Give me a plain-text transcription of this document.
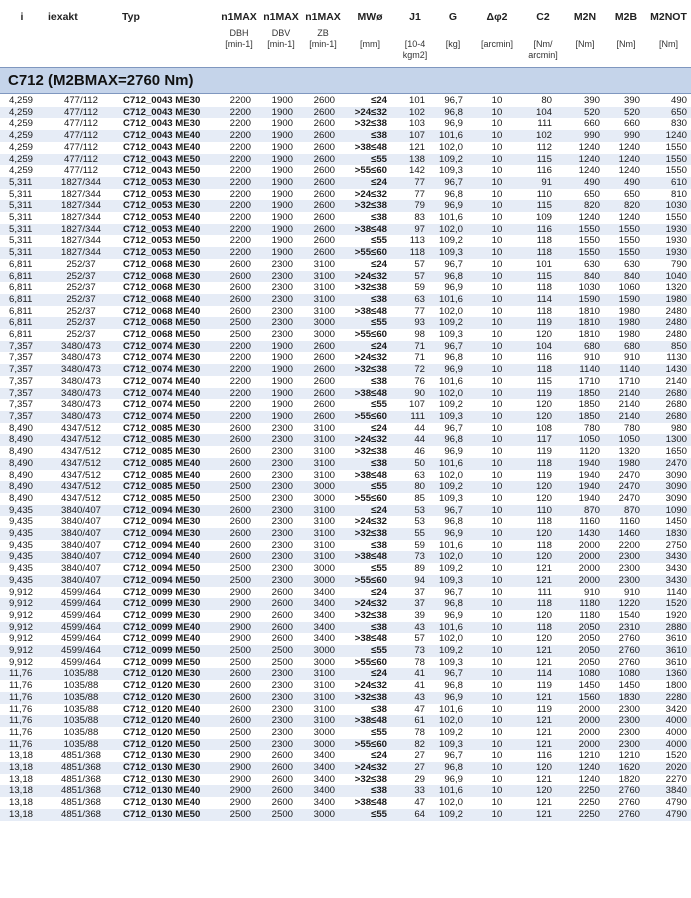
i	iexakt	Typ	n1MAX	n1MAX	n1MAX	MWø	J1	G	Δφ2	C2	M2N	M2B	M2NOT
			DBH	DBV	ZB								
			[min-1]	[min-1]	[min-1]	[mm]	[10-4 kgm2]	[kg]	[arcmin]	[Nm/ arcmin]	[Nm]	[Nm]	[Nm]
C712 (M2BMAX=2760 Nm)
4,259	477/112	C712_0043 ME30	2200	1900	2600	≤24	101	96,7	10	80	390	390	490
4,259	477/112	C712_0043 ME30	2200	1900	2600	>24≤32	102	96,8	10	104	520	520	650
4,259	477/112	C712_0043 ME30	2200	1900	2600	>32≤38	103	96,9	10	111	660	660	830
4,259	477/112	C712_0043 ME40	2200	1900	2600	≤38	107	101,6	10	102	990	990	1240
4,259	477/112	C712_0043 ME40	2200	1900	2600	>38≤48	121	102,0	10	112	1240	1240	1550
4,259	477/112	C712_0043 ME50	2200	1900	2600	≤55	138	109,2	10	115	1240	1240	1550
4,259	477/112	C712_0043 ME50	2200	1900	2600	>55≤60	142	109,3	10	116	1240	1240	1550
5,311	1827/344	C712_0053 ME30	2200	1900	2600	≤24	77	96,7	10	91	490	490	610
5,311	1827/344	C712_0053 ME30	2200	1900	2600	>24≤32	77	96,8	10	110	650	650	810
5,311	1827/344	C712_0053 ME30	2200	1900	2600	>32≤38	79	96,9	10	115	820	820	1030
5,311	1827/344	C712_0053 ME40	2200	1900	2600	≤38	83	101,6	10	109	1240	1240	1550
5,311	1827/344	C712_0053 ME40	2200	1900	2600	>38≤48	97	102,0	10	116	1550	1550	1930
5,311	1827/344	C712_0053 ME50	2200	1900	2600	≤55	113	109,2	10	118	1550	1550	1930
5,311	1827/344	C712_0053 ME50	2200	1900	2600	>55≤60	118	109,3	10	118	1550	1550	1930
6,811	252/37	C712_0068 ME30	2600	2300	3100	≤24	57	96,7	10	101	630	630	790
6,811	252/37	C712_0068 ME30	2600	2300	3100	>24≤32	57	96,8	10	115	840	840	1040
6,811	252/37	C712_0068 ME30	2600	2300	3100	>32≤38	59	96,9	10	118	1030	1060	1320
6,811	252/37	C712_0068 ME40	2600	2300	3100	≤38	63	101,6	10	114	1590	1590	1980
6,811	252/37	C712_0068 ME40	2600	2300	3100	>38≤48	77	102,0	10	118	1810	1980	2480
6,811	252/37	C712_0068 ME50	2500	2300	3000	≤55	93	109,2	10	119	1810	1980	2480
6,811	252/37	C712_0068 ME50	2500	2300	3000	>55≤60	98	109,3	10	120	1810	1980	2480
7,357	3480/473	C712_0074 ME30	2200	1900	2600	≤24	71	96,7	10	104	680	680	850
7,357	3480/473	C712_0074 ME30	2200	1900	2600	>24≤32	71	96,8	10	116	910	910	1130
7,357	3480/473	C712_0074 ME30	2200	1900	2600	>32≤38	72	96,9	10	118	1140	1140	1430
7,357	3480/473	C712_0074 ME40	2200	1900	2600	≤38	76	101,6	10	115	1710	1710	2140
7,357	3480/473	C712_0074 ME40	2200	1900	2600	>38≤48	90	102,0	10	119	1850	2140	2680
7,357	3480/473	C712_0074 ME50	2200	1900	2600	≤55	107	109,2	10	120	1850	2140	2680
7,357	3480/473	C712_0074 ME50	2200	1900	2600	>55≤60	111	109,3	10	120	1850	2140	2680
8,490	4347/512	C712_0085 ME30	2600	2300	3100	≤24	44	96,7	10	108	780	780	980
8,490	4347/512	C712_0085 ME30	2600	2300	3100	>24≤32	44	96,8	10	117	1050	1050	1300
8,490	4347/512	C712_0085 ME30	2600	2300	3100	>32≤38	46	96,9	10	119	1120	1320	1650
8,490	4347/512	C712_0085 ME40	2600	2300	3100	≤38	50	101,6	10	118	1940	1980	2470
8,490	4347/512	C712_0085 ME40	2600	2300	3100	>38≤48	63	102,0	10	119	1940	2470	3090
8,490	4347/512	C712_0085 ME50	2500	2300	3000	≤55	80	109,2	10	120	1940	2470	3090
8,490	4347/512	C712_0085 ME50	2500	2300	3000	>55≤60	85	109,3	10	120	1940	2470	3090
9,435	3840/407	C712_0094 ME30	2600	2300	3100	≤24	53	96,7	10	110	870	870	1090
9,435	3840/407	C712_0094 ME30	2600	2300	3100	>24≤32	53	96,8	10	118	1160	1160	1450
9,435	3840/407	C712_0094 ME30	2600	2300	3100	>32≤38	55	96,9	10	120	1430	1460	1830
9,435	3840/407	C712_0094 ME40	2600	2300	3100	≤38	59	101,6	10	118	2000	2200	2750
9,435	3840/407	C712_0094 ME40	2600	2300	3100	>38≤48	73	102,0	10	120	2000	2300	3430
9,435	3840/407	C712_0094 ME50	2500	2300	3000	≤55	89	109,2	10	121	2000	2300	3430
9,435	3840/407	C712_0094 ME50	2500	2300	3000	>55≤60	94	109,3	10	121	2000	2300	3430
9,912	4599/464	C712_0099 ME30	2900	2600	3400	≤24	37	96,7	10	111	910	910	1140
9,912	4599/464	C712_0099 ME30	2900	2600	3400	>24≤32	37	96,8	10	118	1180	1220	1520
9,912	4599/464	C712_0099 ME30	2900	2600	3400	>32≤38	39	96,9	10	120	1180	1540	1920
9,912	4599/464	C712_0099 ME40	2900	2600	3400	≤38	43	101,6	10	118	2050	2310	2880
9,912	4599/464	C712_0099 ME40	2900	2600	3400	>38≤48	57	102,0	10	120	2050	2760	3610
9,912	4599/464	C712_0099 ME50	2500	2500	3000	≤55	73	109,2	10	121	2050	2760	3610
9,912	4599/464	C712_0099 ME50	2500	2500	3000	>55≤60	78	109,3	10	121	2050	2760	3610
11,76	1035/88	C712_0120 ME30	2600	2300	3100	≤24	41	96,7	10	114	1080	1080	1360
11,76	1035/88	C712_0120 ME30	2600	2300	3100	>24≤32	41	96,8	10	119	1450	1450	1800
11,76	1035/88	C712_0120 ME30	2600	2300	3100	>32≤38	43	96,9	10	121	1560	1830	2280
11,76	1035/88	C712_0120 ME40	2600	2300	3100	≤38	47	101,6	10	119	2000	2300	3420
11,76	1035/88	C712_0120 ME40	2600	2300	3100	>38≤48	61	102,0	10	121	2000	2300	4000
11,76	1035/88	C712_0120 ME50	2500	2300	3000	≤55	78	109,2	10	121	2000	2300	4000
11,76	1035/88	C712_0120 ME50	2500	2300	3000	>55≤60	82	109,3	10	121	2000	2300	4000
13,18	4851/368	C712_0130 ME30	2900	2600	3400	≤24	27	96,7	10	116	1210	1210	1520
13,18	4851/368	C712_0130 ME30	2900	2600	3400	>24≤32	27	96,8	10	120	1240	1620	2020
13,18	4851/368	C712_0130 ME30	2900	2600	3400	>32≤38	29	96,9	10	121	1240	1820	2270
13,18	4851/368	C712_0130 ME40	2900	2600	3400	≤38	33	101,6	10	120	2250	2760	3840
13,18	4851/368	C712_0130 ME40	2900	2600	3400	>38≤48	47	102,0	10	121	2250	2760	4790
13,18	4851/368	C712_0130 ME50	2500	2500	3000	≤55	64	109,2	10	121	2250	2760	4790
